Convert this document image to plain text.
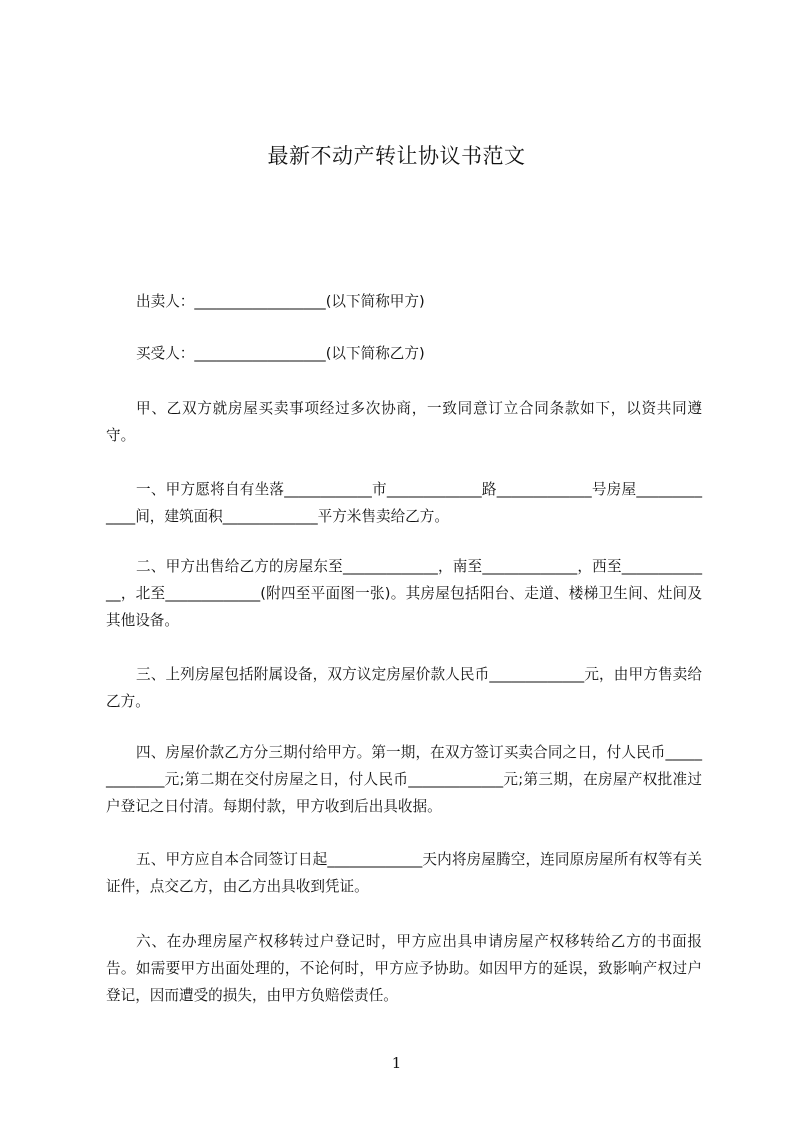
最新不动产转让协议书范文

出卖人：__________________(以下简称甲方)

买受人：__________________(以下简称乙方)

甲、乙双方就房屋买卖事项经过多次协商，一致同意订立合同条款如下，以资共同遵守。

一、甲方愿将自有坐落____________市_____________路_____________号房屋_____________间，建筑面积_____________平方米售卖给乙方。

二、甲方出售给乙方的房屋东至_____________，南至_____________，西至_____________，北至_____________(附四至平面图一张)。其房屋包括阳台、走道、楼梯卫生间、灶间及其他设备。

三、上列房屋包括附属设备，双方议定房屋价款人民币_____________元，由甲方售卖给乙方。

四、房屋价款乙方分三期付给甲方。第一期，在双方签订买卖合同之日，付人民币_____________元;第二期在交付房屋之日，付人民币_____________元;第三期，在房屋产权批准过户登记之日付清。每期付款，甲方收到后出具收据。

五、甲方应自本合同签订日起_____________天内将房屋腾空，连同原房屋所有权等有关证件，点交乙方，由乙方出具收到凭证。

六、在办理房屋产权移转过户登记时，甲方应出具申请房屋产权移转给乙方的书面报告。如需要甲方出面处理的，不论何时，甲方应予协助。如因甲方的延误，致影响产权过户登记，因而遭受的损失，由甲方负赔偿责任。

1
